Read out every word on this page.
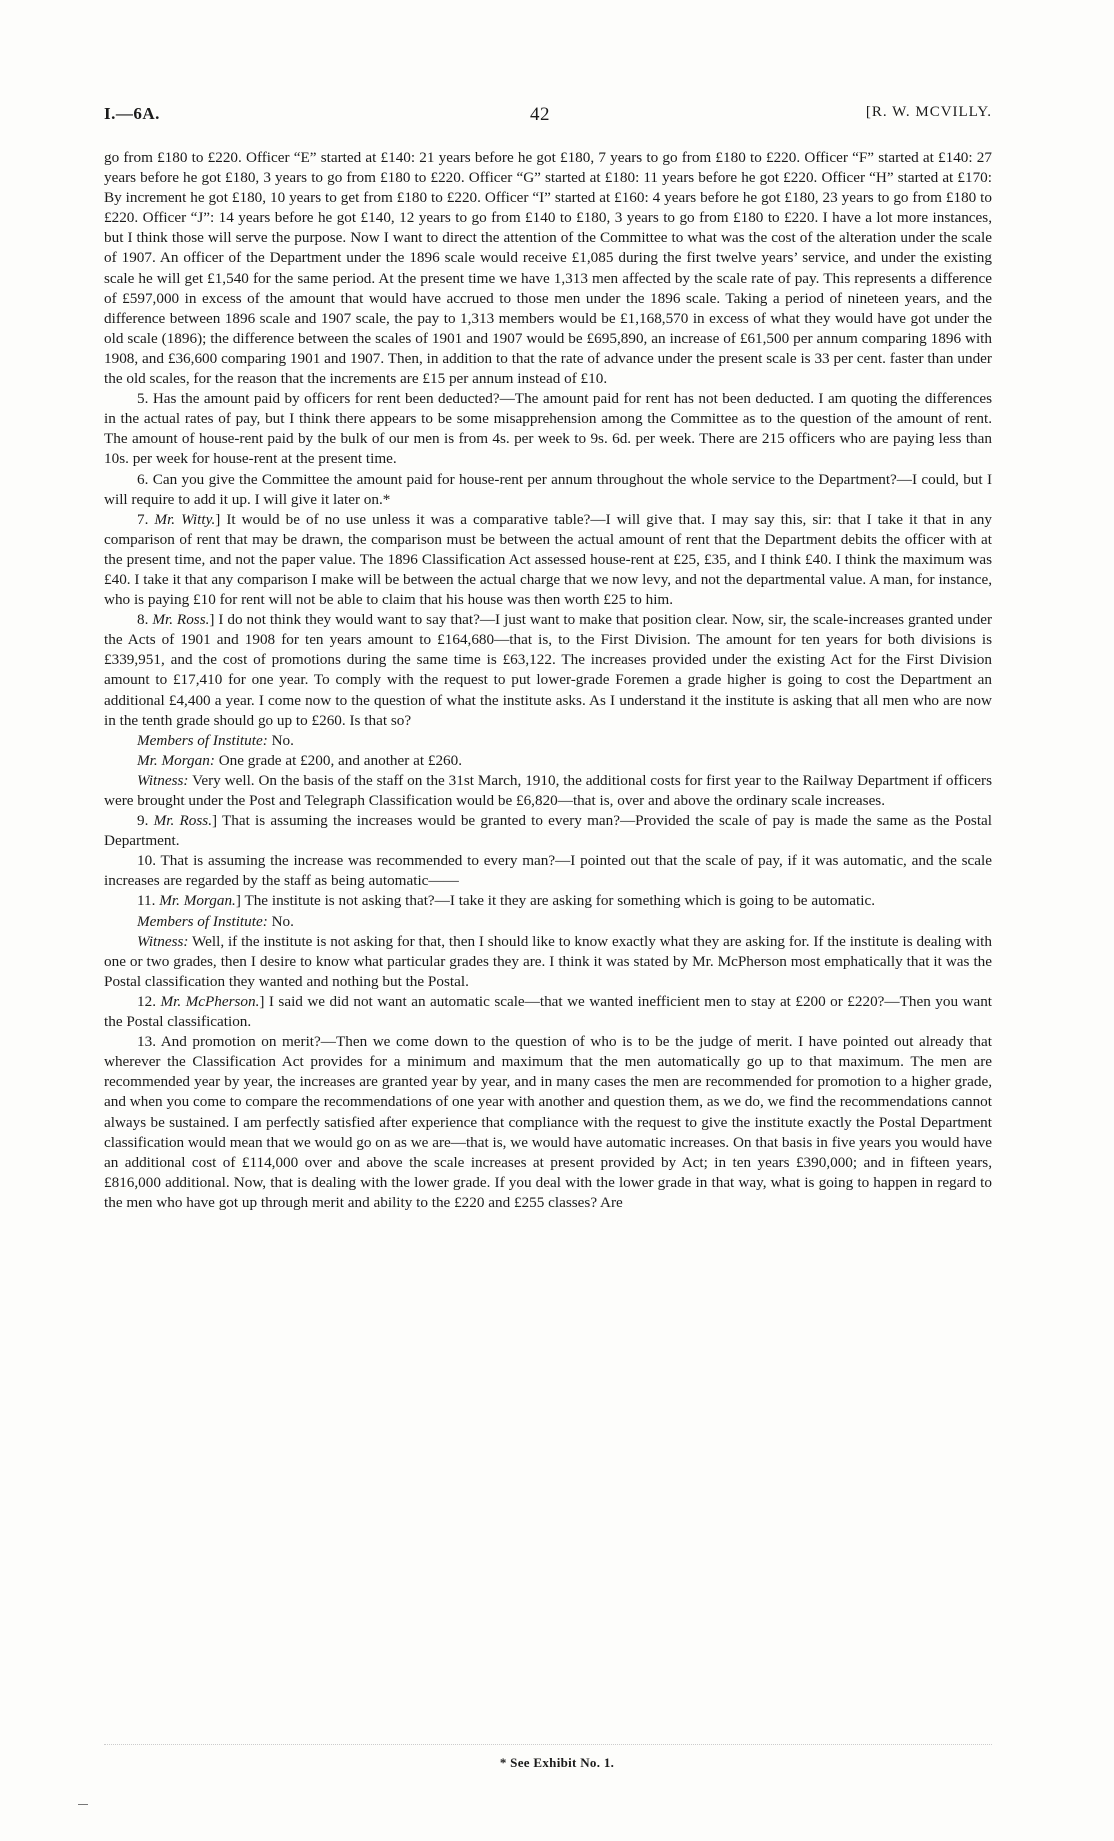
I.—6A.	42	[R. W. MCVILLY.

go from £180 to £220. Officer “E” started at £140: 21 years before he got £180, 7 years to go from £180 to £220. Officer “F” started at £140: 27 years before he got £180, 3 years to go from £180 to £220. Officer “G” started at £180: 11 years before he got £220. Officer “H” started at £170: By increment he got £180, 10 years to get from £180 to £220. Officer “I” started at £160: 4 years before he got £180, 23 years to go from £180 to £220. Officer “J”: 14 years before he got £140, 12 years to go from £140 to £180, 3 years to go from £180 to £220. I have a lot more instances, but I think those will serve the purpose. Now I want to direct the attention of the Committee to what was the cost of the alteration under the scale of 1907. An officer of the Department under the 1896 scale would receive £1,085 during the first twelve years’ service, and under the existing scale he will get £1,540 for the same period. At the present time we have 1,313 men affected by the scale rate of pay. This represents a difference of £597,000 in excess of the amount that would have accrued to those men under the 1896 scale. Taking a period of nineteen years, and the difference between 1896 scale and 1907 scale, the pay to 1,313 members would be £1,168,570 in excess of what they would have got under the old scale (1896); the difference between the scales of 1901 and 1907 would be £695,890, an increase of £61,500 per annum comparing 1896 with 1908, and £36,600 comparing 1901 and 1907. Then, in addition to that the rate of advance under the present scale is 33 per cent. faster than under the old scales, for the reason that the increments are £15 per annum instead of £10.

5. Has the amount paid by officers for rent been deducted?—The amount paid for rent has not been deducted. I am quoting the differences in the actual rates of pay, but I think there appears to be some misapprehension among the Committee as to the question of the amount of rent. The amount of house-rent paid by the bulk of our men is from 4s. per week to 9s. 6d. per week. There are 215 officers who are paying less than 10s. per week for house-rent at the present time.

6. Can you give the Committee the amount paid for house-rent per annum throughout the whole service to the Department?—I could, but I will require to add it up. I will give it later on.*

7. Mr. Witty.] It would be of no use unless it was a comparative table?—I will give that. I may say this, sir: that I take it that in any comparison of rent that may be drawn, the comparison must be between the actual amount of rent that the Department debits the officer with at the present time, and not the paper value. The 1896 Classification Act assessed house-rent at £25, £35, and I think £40. I think the maximum was £40. I take it that any comparison I make will be between the actual charge that we now levy, and not the departmental value. A man, for instance, who is paying £10 for rent will not be able to claim that his house was then worth £25 to him.

8. Mr. Ross.] I do not think they would want to say that?—I just want to make that position clear. Now, sir, the scale-increases granted under the Acts of 1901 and 1908 for ten years amount to £164,680—that is, to the First Division. The amount for ten years for both divisions is £339,951, and the cost of promotions during the same time is £63,122. The increases provided under the existing Act for the First Division amount to £17,410 for one year. To comply with the request to put lower-grade Foremen a grade higher is going to cost the Department an additional £4,400 a year. I come now to the question of what the institute asks. As I understand it the institute is asking that all men who are now in the tenth grade should go up to £260. Is that so?

Members of Institute: No.

Mr. Morgan: One grade at £200, and another at £260.

Witness: Very well. On the basis of the staff on the 31st March, 1910, the additional costs for first year to the Railway Department if officers were brought under the Post and Telegraph Classification would be £6,820—that is, over and above the ordinary scale increases.

9. Mr. Ross.] That is assuming the increases would be granted to every man?—Provided the scale of pay is made the same as the Postal Department.

10. That is assuming the increase was recommended to every man?—I pointed out that the scale of pay, if it was automatic, and the scale increases are regarded by the staff as being automatic——

11. Mr. Morgan.] The institute is not asking that?—I take it they are asking for something which is going to be automatic.

Members of Institute: No.

Witness: Well, if the institute is not asking for that, then I should like to know exactly what they are asking for. If the institute is dealing with one or two grades, then I desire to know what particular grades they are. I think it was stated by Mr. McPherson most emphatically that it was the Postal classification they wanted and nothing but the Postal.

12. Mr. McPherson.] I said we did not want an automatic scale—that we wanted inefficient men to stay at £200 or £220?—Then you want the Postal classification.

13. And promotion on merit?—Then we come down to the question of who is to be the judge of merit. I have pointed out already that wherever the Classification Act provides for a minimum and maximum that the men automatically go up to that maximum. The men are recommended year by year, the increases are granted year by year, and in many cases the men are recommended for promotion to a higher grade, and when you come to compare the recommendations of one year with another and question them, as we do, we find the recommendations cannot always be sustained. I am perfectly satisfied after experience that compliance with the request to give the institute exactly the Postal Department classification would mean that we would go on as we are—that is, we would have automatic increases. On that basis in five years you would have an additional cost of £114,000 over and above the scale increases at present provided by Act; in ten years £390,000; and in fifteen years, £816,000 additional. Now, that is dealing with the lower grade. If you deal with the lower grade in that way, what is going to happen in regard to the men who have got up through merit and ability to the £220 and £255 classes? Are

* See Exhibit No. 1.
